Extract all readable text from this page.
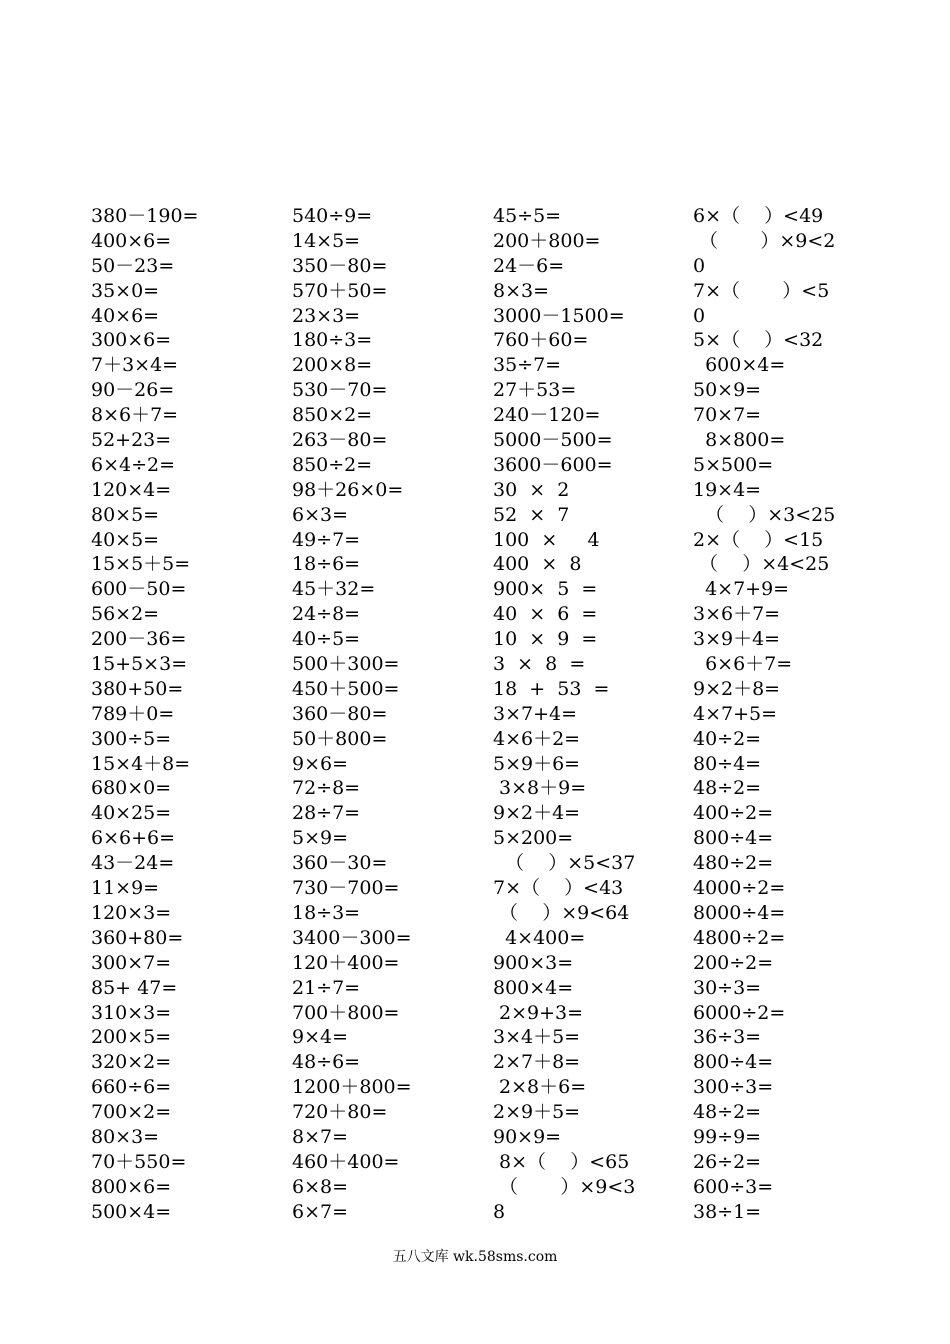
380－190=
400×6=
50－23=
35×0=
40×6=
300×6=
7＋3×4=
90－26=
8×6＋7=
52+23=
6×4÷2=
120×4=
80×5=
40×5=
15×5＋5=
600－50=
56×2=
200－36=
15+5×3=
380+50=
789＋0=
300÷5=
15×4＋8=
680×0=
40×25=
6×6+6=
43－24=
11×9=
120×3=
360+80=
300×7=
85+ 47=
310×3=
200×5=
320×2=
660÷6=
700×2=
80×3=
70＋550=
800×6=
500×4=
540÷9=
14×5=
350－80=
570＋50=
23×3=
180÷3=
200×8=
530－70=
850×2=
263－80=
850÷2=
98＋26×0=
6×3=
49÷7=
18÷6=
45＋32=
24÷8=
40÷5=
500＋300=
450＋500=
360－80=
50＋800=
9×6=
72÷8=
28÷7=
5×9=
360－30=
730－700=
18÷3=
3400－300=
120＋400=
21÷7=
700＋800=
9×4=
48÷6=
1200＋800=
720＋80=
8×7=
460＋400=
6×8=
6×7=
45÷5=
200＋800=
24－6=
8×3=
3000－1500=
760＋60=
35÷7=
27＋53=
240－120=
5000－500=
3600－600=
30  ×  2
52  ×  7
100  ×     4
400  ×  8
900×  5  =
40  ×  6  =
10  ×  9  =
3  ×  8  =
18  +  53  =
3×7+4=
4×6＋2=
5×9＋6=
3×8＋9=
9×2＋4=
5×200=
（    ）×5<37
7×（    ）<43
（    ）×9<64
4×400=
900×3=
800×4=
2×9+3=
3×4＋5=
2×7＋8=
2×8＋6=
2×9＋5=
90×9=
8×（    ）<65
（       ）×9<3
8
6×（    ）<49
（       ）×9<2
0
7×（       ）<5
0
5×（    ）<32
600×4=
50×9=
70×7=
8×800=
5×500=
19×4=
（    ）×3<25
2×（    ）<15
（    ）×4<25
4×7+9=
3×6＋7=
3×9＋4=
6×6＋7=
9×2＋8=
4×7+5=
40÷2=
80÷4=
48÷2=
400÷2=
800÷4=
480÷2=
4000÷2=
8000÷4=
4800÷2=
200÷2=
30÷3=
6000÷2=
36÷3=
800÷4=
300÷3=
48÷2=
99÷9=
26÷2=
600÷3=
38÷1=
五八文库 wk.58sms.com
